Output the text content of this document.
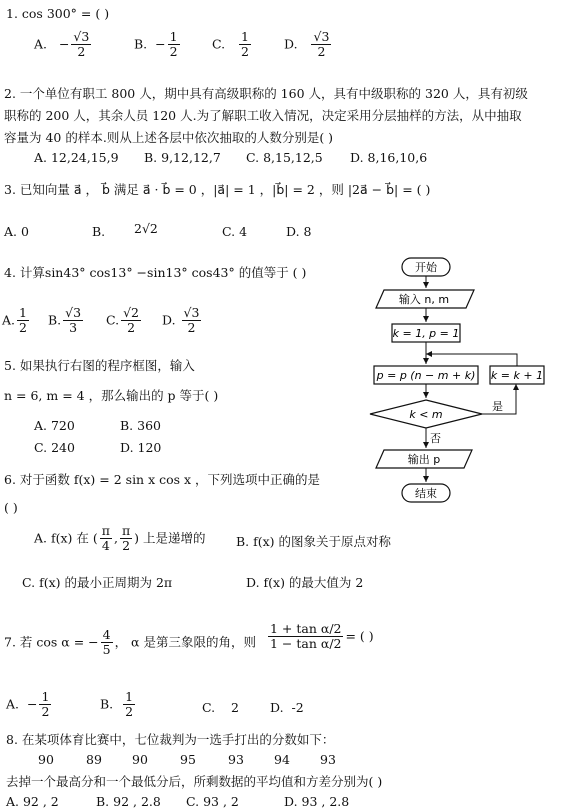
1. cos 300° = ( )
A. − $\frac{√3}{2}$	B. − $\frac{1}{2}$	C. $\frac{1}{2}$	D. $\frac{√3}{2}$
2. 一个单位有职工 800 人，期中具有高级职称的 160 人，具有中级职称的 320 人，具有初级
职称的 200 人，其余人员 120 人.为了解职工收入情况，决定采用分层抽样的方法，从中抽取
容量为 40 的样本.则从上述各层中依次抽取的人数分别是( )
A. 12,24,15,9 B. 9,12,12,7 C. 8,15,12,5 D. 8,16,10,6
3. 已知向量 a⃗ ， b⃗ 满足 a⃗ · b⃗ = 0 ，|a⃗| = 1 ，|b⃗| = 2 ，则 |2a⃗ − b⃗| = ( )
A. 0	B. 2√2	C. 4	D. 8
4. 计算sin43° cos13° −sin13° cos43° 的值等于 ( )
A. $\frac{1}{2} B$. $\frac{√3}{3} C$. $\frac{√2}{2} D$. $\frac{√3}{2}$
5. 如果执行右图的程序框图，输入
n = 6, m = 4 ，那么输出的 p 等于( )
A. 720	B. 360
C. 240	D. 120
6. 对于函数 f(x) = 2 sin x cos x ，下列选项中正确的是
( )
A. f(x) 在 ( $\frac{\pi}{4}$ , $\frac{\pi}{2}$ ) 上是递增的 B. f(x) 的图象关于原点对称
C. f(x) 的最小正周期为 2π	D. f(x) 的最大值为 2
7. 若 cos α = − $\frac{4}{5}$ ， α 是第三象限的角，则 $\frac{\text{1 + tan α/2}}{\text{1 − tan α/2}}$ = ( )
A. − $\frac{1}{2}$	B. $\frac{1}{2}$	C. 2 D. -2
8. 在某项体育比赛中，七位裁判为一选手打出的分数如下：
90	89 90	95	93 94 93
去掉一个最高分和一个最低分后，所剩数据的平均值和方差分别为( )
A. 92 , 2	B. 92 , 2.8 C. 93 , 2	D. 93 , 2.8
开始
输入 n, m
k = 1, p = 1
p = p (n − m + k)
k < m
是
k = k + 1
否
输出 p
结束
